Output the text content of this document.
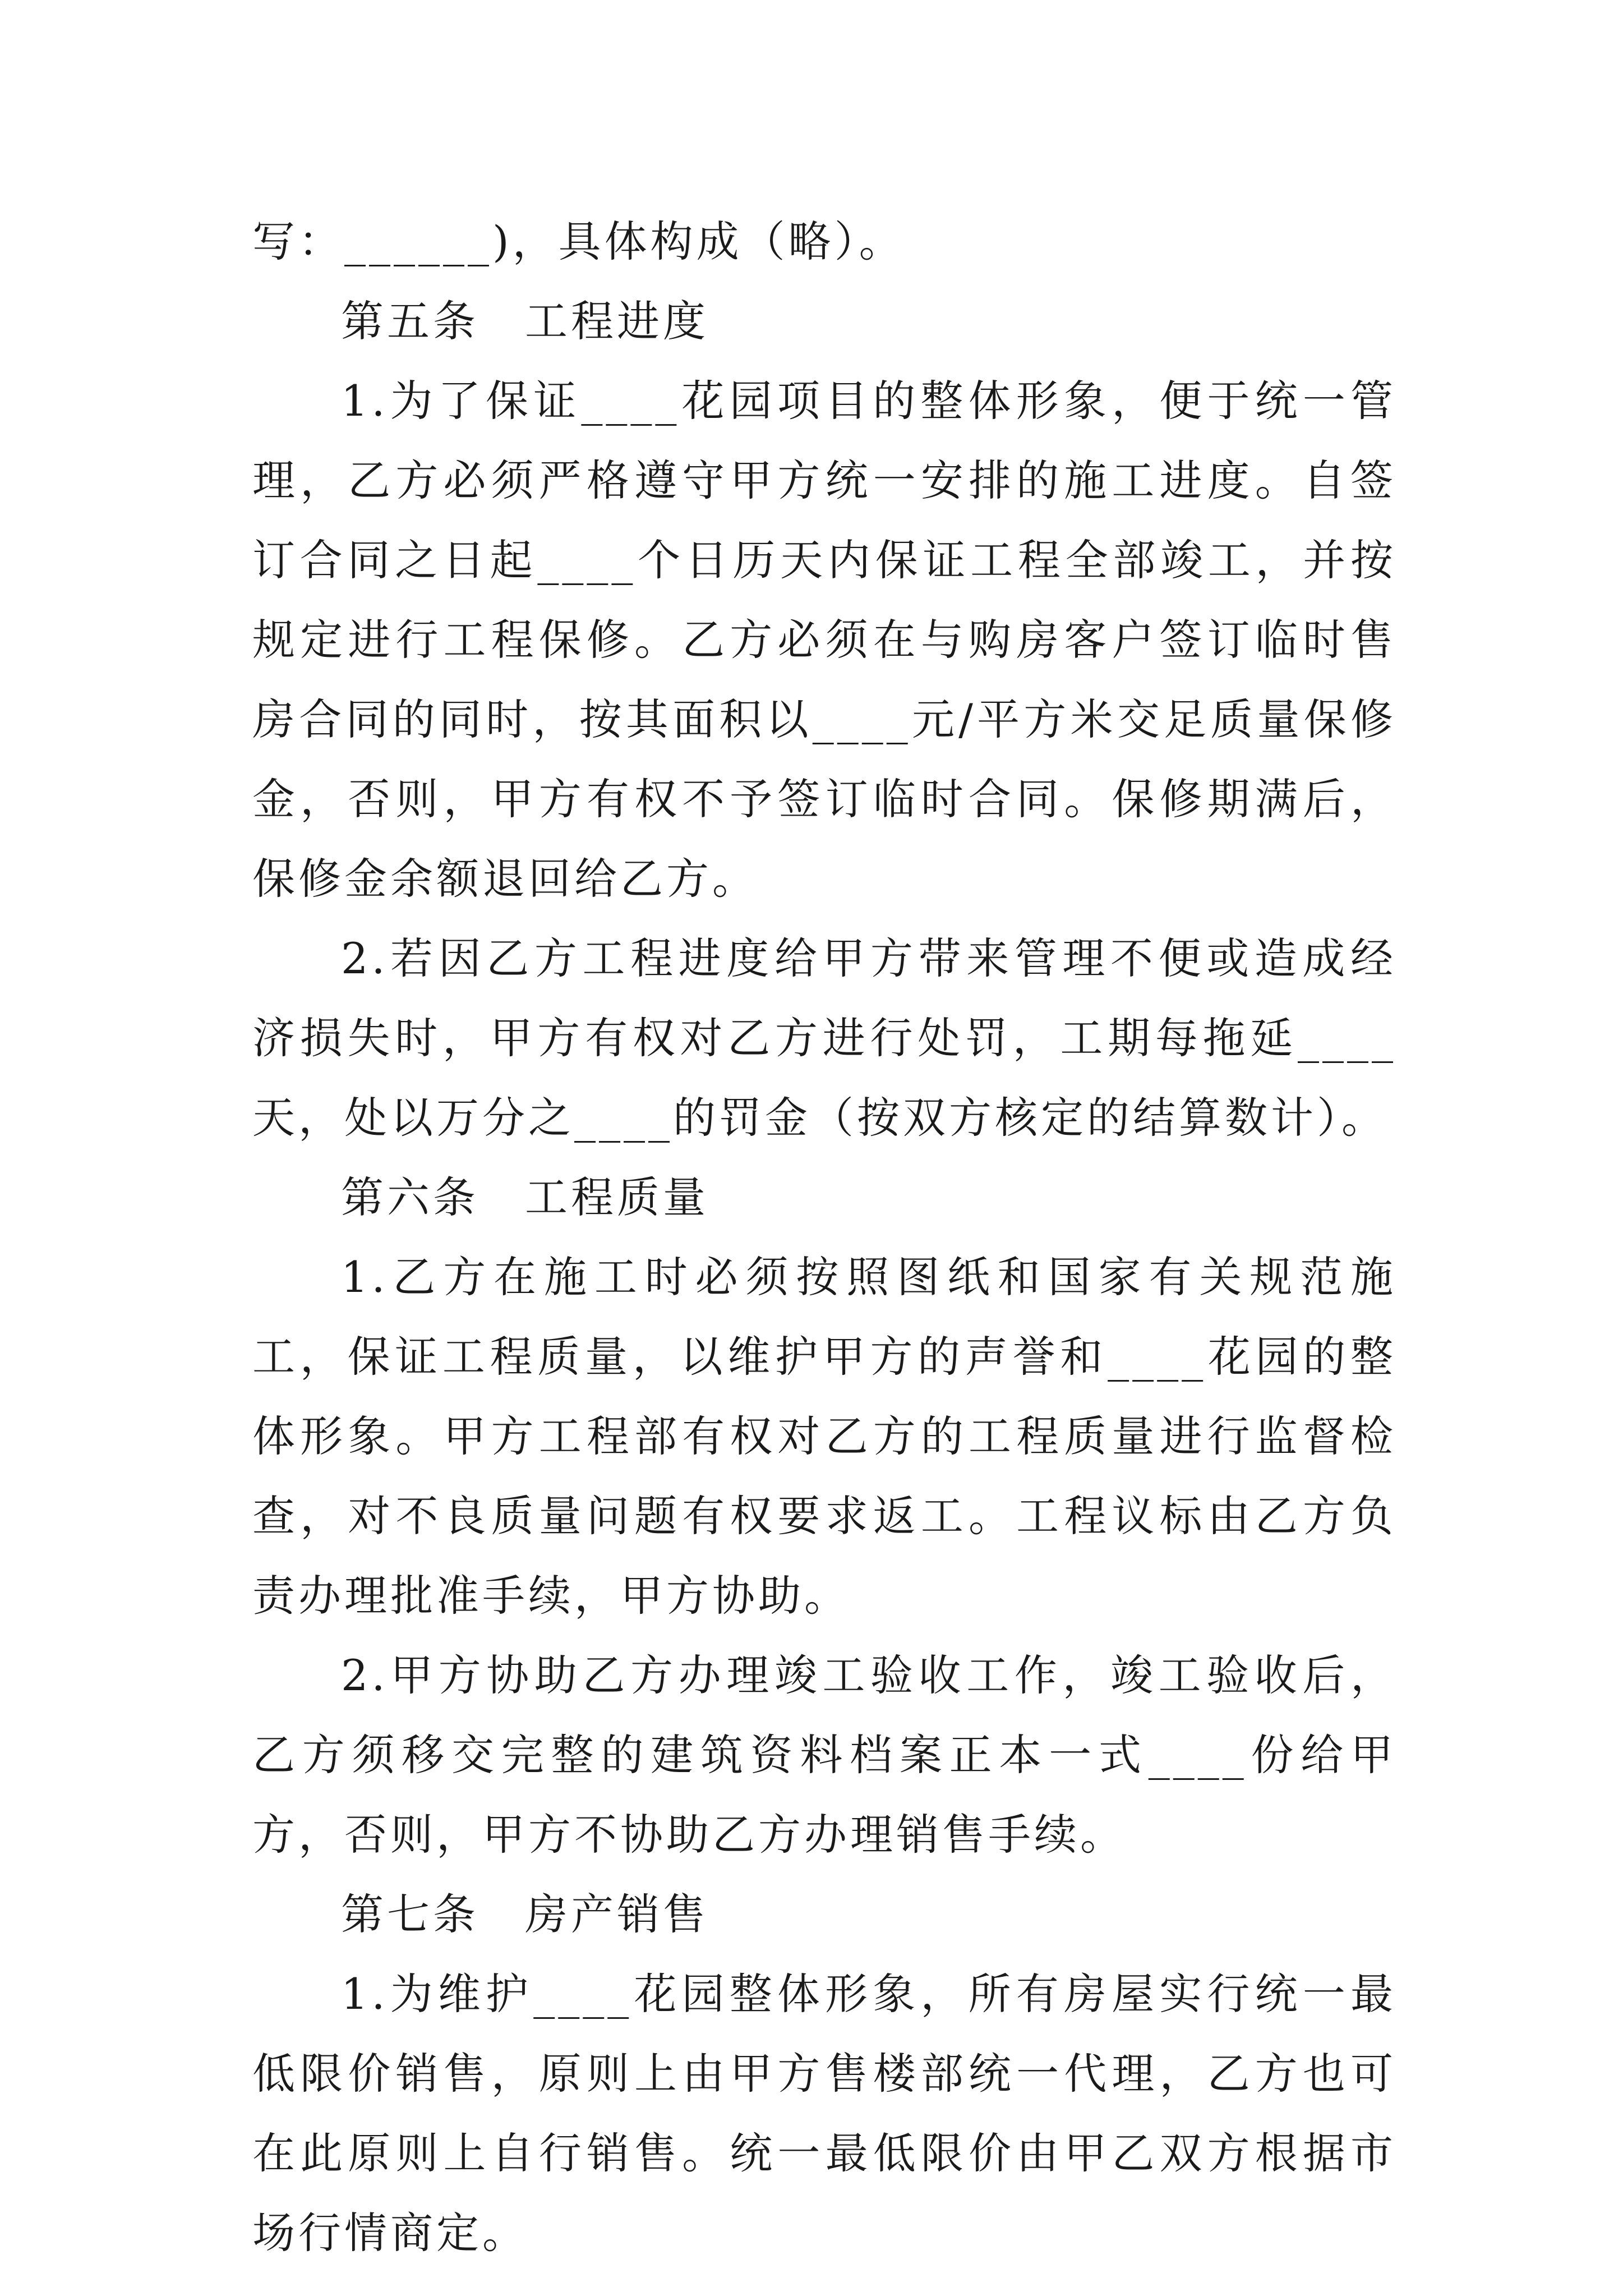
写：______)，具体构成（略）。

第五条　工程进度

1.为了保证____花园项目的整体形象，便于统一管理，乙方必须严格遵守甲方统一安排的施工进度。自签订合同之日起____个日历天内保证工程全部竣工，并按规定进行工程保修。乙方必须在与购房客户签订临时售房合同的同时，按其面积以____元/平方米交足质量保修金，否则，甲方有权不予签订临时合同。保修期满后，保修金余额退回给乙方。

2.若因乙方工程进度给甲方带来管理不便或造成经济损失时，甲方有权对乙方进行处罚，工期每拖延____天，处以万分之____的罚金（按双方核定的结算数计）。

第六条　工程质量

1.乙方在施工时必须按照图纸和国家有关规范施工，保证工程质量，以维护甲方的声誉和____花园的整体形象。甲方工程部有权对乙方的工程质量进行监督检查，对不良质量问题有权要求返工。工程议标由乙方负责办理批准手续，甲方协助。

2.甲方协助乙方办理竣工验收工作，竣工验收后，乙方须移交完整的建筑资料档案正本一式____份给甲方，否则，甲方不协助乙方办理销售手续。

第七条　房产销售

1.为维护____花园整体形象，所有房屋实行统一最低限价销售，原则上由甲方售楼部统一代理，乙方也可在此原则上自行销售。统一最低限价由甲乙双方根据市场行情商定。
